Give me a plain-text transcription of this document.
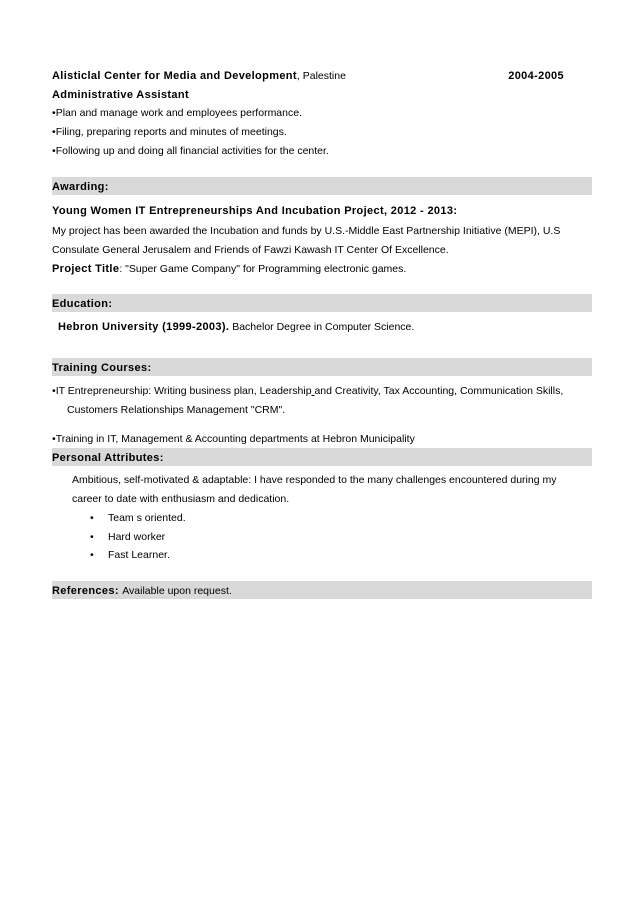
Alisticlal Center for Media and Development, Palestine	2004-2005
Administrative Assistant
•Plan and manage work and employees performance.
•Filing, preparing reports and minutes of meetings.
•Following up and doing all financial activities for the center.
Awarding:
Young Women IT Entrepreneurships And Incubation Project, 2012 - 2013:
My project has been awarded the Incubation and funds by U.S.-Middle East Partnership Initiative (MEPI), U.S
Consulate General Jerusalem and Friends of Fawzi Kawash IT Center Of Excellence.
Project Title: "Super Game Company" for Programming electronic games.
Education:
Hebron University (1999-2003). Bachelor Degree in Computer Science.
Training Courses:
•IT Entrepreneurship: Writing business plan, Leadership and Creativity, Tax Accounting, Communication Skills,
Customers Relationships Management "CRM".
•Training in IT, Management & Accounting departments at Hebron Municipality
Personal Attributes:
Ambitious, self-motivated & adaptable: I have responded to the many challenges encountered during my
career to date with enthusiasm and dedication.
• Team s oriented.
• Hard worker
• Fast Learner.
References: Available upon request.
